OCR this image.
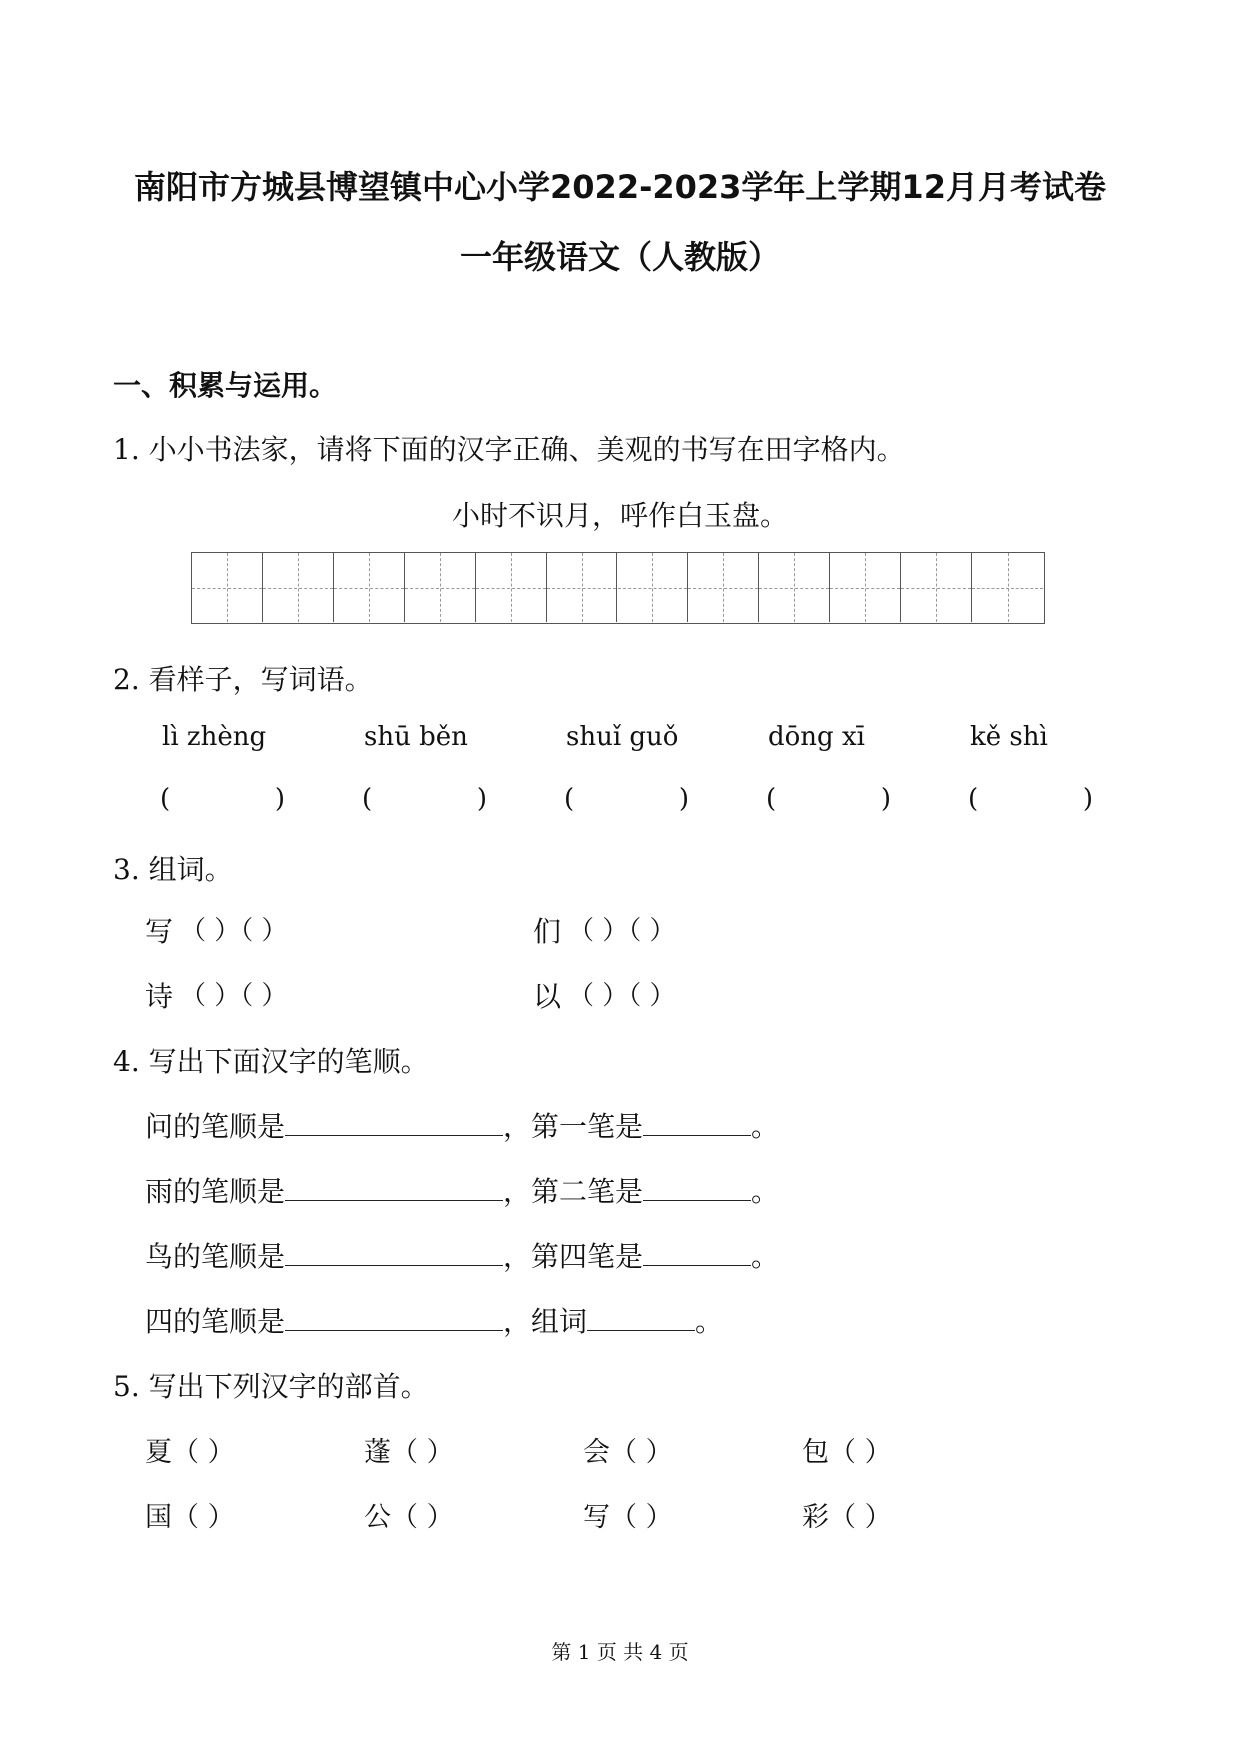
南阳市方城县博望镇中心小学2022-2023学年上学期12月月考试卷
一年级语文（人教版）
一、积累与运用。
1. 小小书法家，请将下面的汉字正确、美观的书写在田字格内。
小时不识月，呼作白玉盘。
2. 看样子，写词语。
lì zhèng	shū běn	shuǐ guǒ	dōng xī	kě shì
(	)	(	)	(	)	(	)	(	)
3. 组词。
写 （ ）（ ）	们 （ ）（ ）
诗 （ ）（ ）	以 （ ）（ ）
4. 写出下面汉字的笔顺。
问的笔顺是	，第一笔是	。
雨的笔顺是	，第二笔是	。
鸟的笔顺是	，第四笔是	。
四的笔顺是	，组词	。
5. 写出下列汉字的部首。
夏（ ）	蓬（ ）	会（ ）	包（ ）
国（ ）	公（ ）	写（ ）	彩（ ）
第 1 页 共 4 页
